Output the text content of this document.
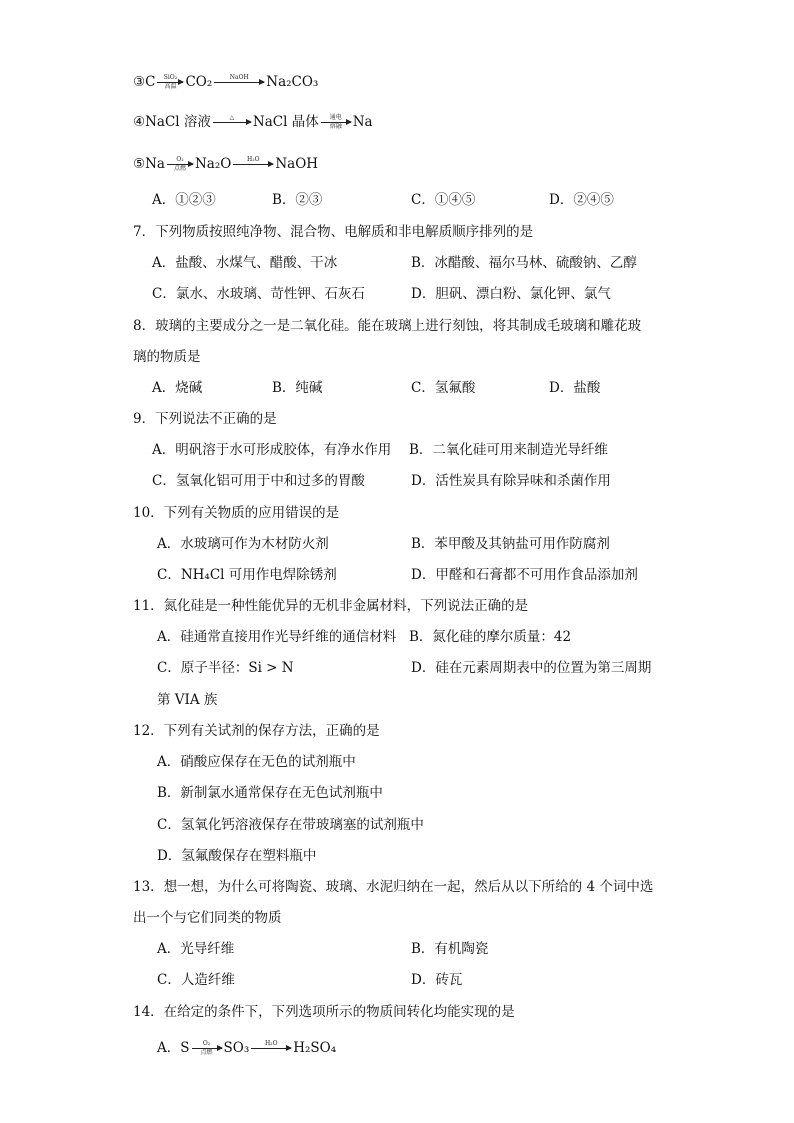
③ C SiO₂
高温 CO₂	NaOH Na₂CO₃
④ NaCl 溶液	△ NaCl 晶体 通电
熔融 Na
⑤ Na O₂
点燃 Na₂O	H₂O NaOH
A．①②③	B．②③	C．①④⑤	D．②④⑤
7．下列物质按照纯净物、混合物、电解质和非电解质顺序排列的是
A．盐酸、水煤气、醋酸、干冰	B．冰醋酸、福尔马林、硫酸钠、乙醇
C．氯水、水玻璃、苛性钾、石灰石	D．胆矾、漂白粉、氯化钾、氯气
8．玻璃的主要成分之一是二氧化硅。能在玻璃上进行刻蚀，将其制成毛玻璃和雕花玻
璃的物质是
A．烧碱	B．纯碱	C．氢氟酸	D．盐酸
9．下列说法不正确的是
A．明矾溶于水可形成胶体，有净水作用 B．二氧化硅可用来制造光导纤维
C．氢氧化铝可用于中和过多的胃酸	D．活性炭具有除异味和杀菌作用
10．下列有关物质的应用错误的是
A．水玻璃可作为木材防火剂	B．苯甲酸及其钠盐可用作防腐剂
C．NH₄Cl 可用作电焊除锈剂	D．甲醛和石膏都不可用作食品添加剂
11．氮化硅是一种性能优异的无机非金属材料，下列说法正确的是
A．硅通常直接用作光导纤维的通信材料 B．氮化硅的摩尔质量：42
C．原子半径：Si > N	D．硅在元素周期表中的位置为第三周期
第 VIA 族
12．下列有关试剂的保存方法，正确的是
A．硝酸应保存在无色的试剂瓶中
B．新制氯水通常保存在无色试剂瓶中
C．氢氧化钙溶液保存在带玻璃塞的试剂瓶中
D．氢氟酸保存在塑料瓶中
13．想一想，为什么可将陶瓷、玻璃、水泥归纳在一起，然后从以下所给的 4 个词中选
出一个与它们同类的物质
A．光导纤维	B．有机陶瓷
C．人造纤维	D．砖瓦
14．在给定的条件下，下列选项所示的物质间转化均能实现的是
A．S O₂
点燃 SO₃	H₂O H₂SO₄
